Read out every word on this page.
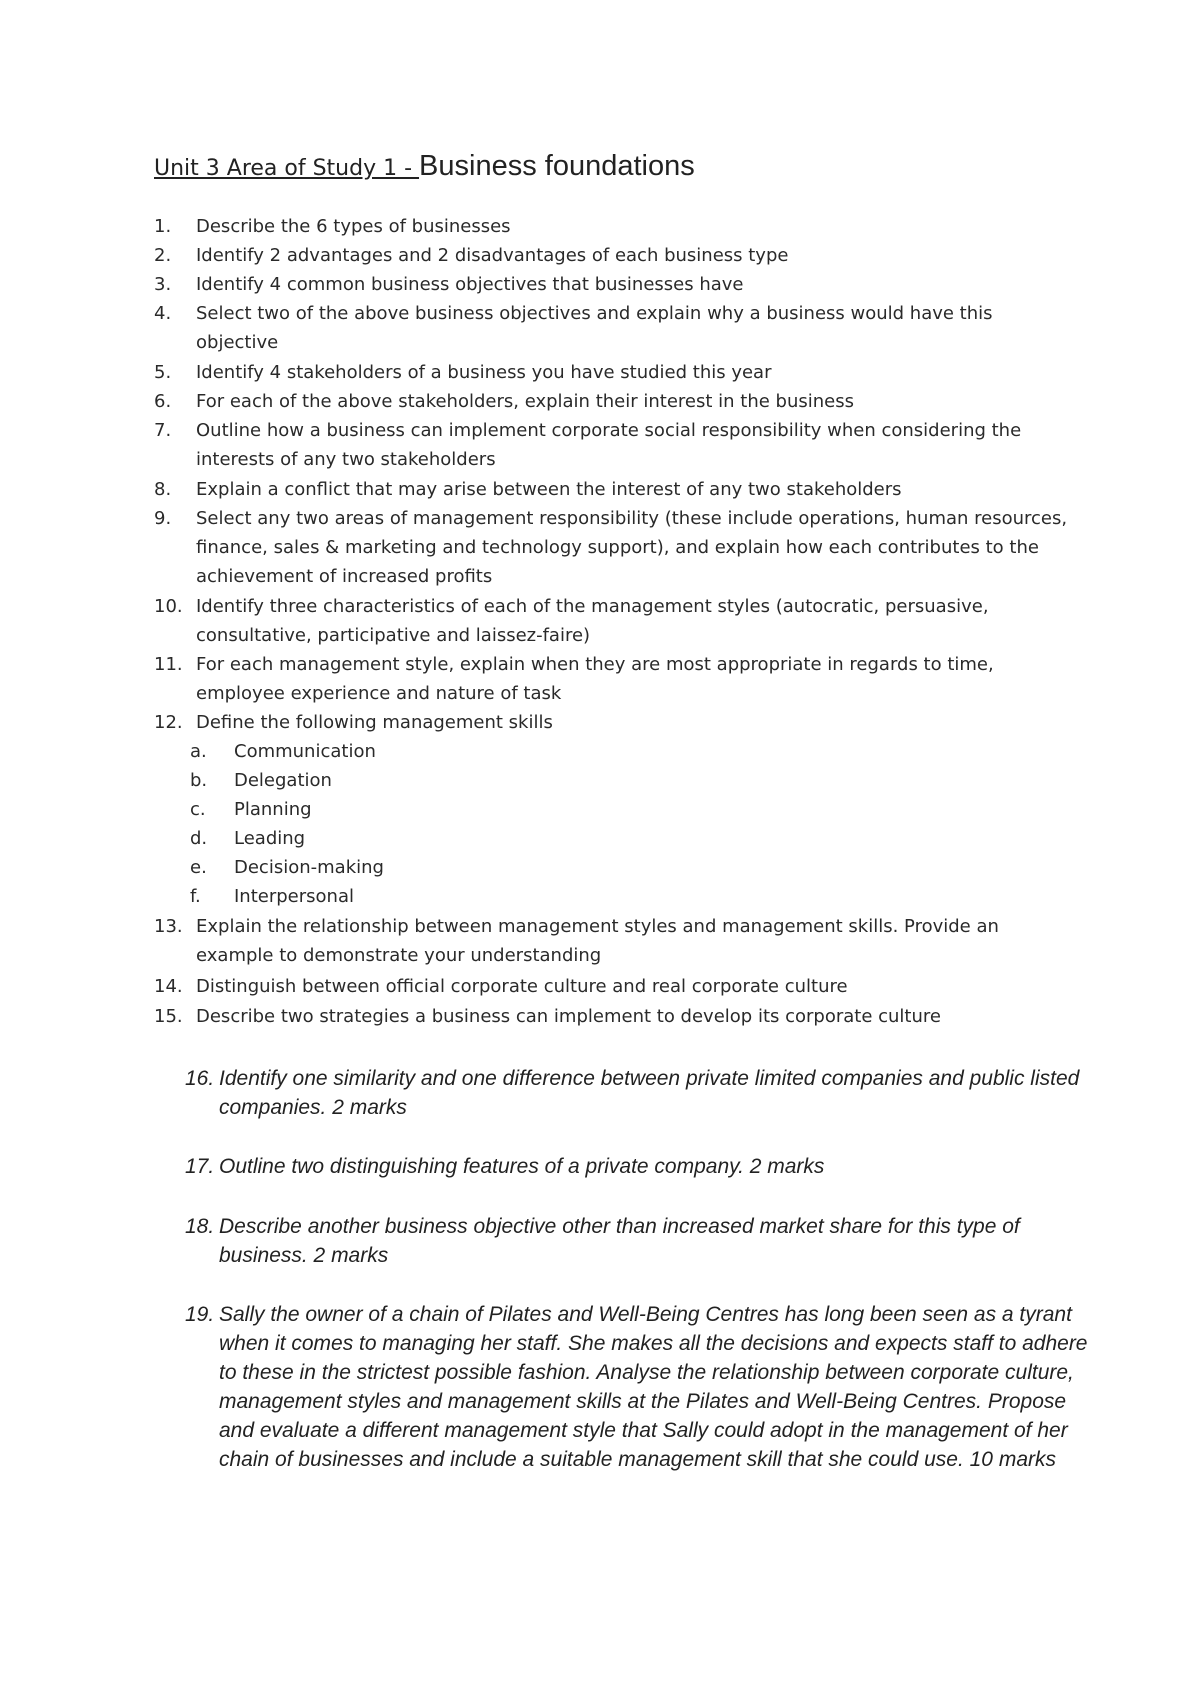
Unit 3 Area of Study 1 - Business foundations
1. Describe the 6 types of businesses
2. Identify 2 advantages and 2 disadvantages of each business type
3. Identify 4 common business objectives that businesses have
4. Select two of the above business objectives and explain why a business would have this
objective
5. Identify 4 stakeholders of a business you have studied this year
6. For each of the above stakeholders, explain their interest in the business
7. Outline how a business can implement corporate social responsibility when considering the
interests of any two stakeholders
8. Explain a conflict that may arise between the interest of any two stakeholders
9. Select any two areas of management responsibility (these include operations, human resources,
finance, sales & marketing and technology support), and explain how each contributes to the
achievement of increased profits
10. Identify three characteristics of each of the management styles (autocratic, persuasive,
consultative, participative and laissez-faire)
11. For each management style, explain when they are most appropriate in regards to time,
employee experience and nature of task
12. Define the following management skills
a. Communication
b. Delegation
c. Planning
d. Leading
e. Decision-making
f. Interpersonal
13. Explain the relationship between management styles and management skills. Provide an
example to demonstrate your understanding
14. Distinguish between official corporate culture and real corporate culture
15. Describe two strategies a business can implement to develop its corporate culture
16. Identify one similarity and one difference between private limited companies and public listed
companies. 2 marks
17. Outline two distinguishing features of a private company. 2 marks
18. Describe another business objective other than increased market share for this type of
business. 2 marks
19. Sally the owner of a chain of Pilates and Well-Being Centres has long been seen as a tyrant
when it comes to managing her staff. She makes all the decisions and expects staff to adhere
to these in the strictest possible fashion. Analyse the relationship between corporate culture,
management styles and management skills at the Pilates and Well-Being Centres. Propose
and evaluate a different management style that Sally could adopt in the management of her
chain of businesses and include a suitable management skill that she could use. 10 marks
